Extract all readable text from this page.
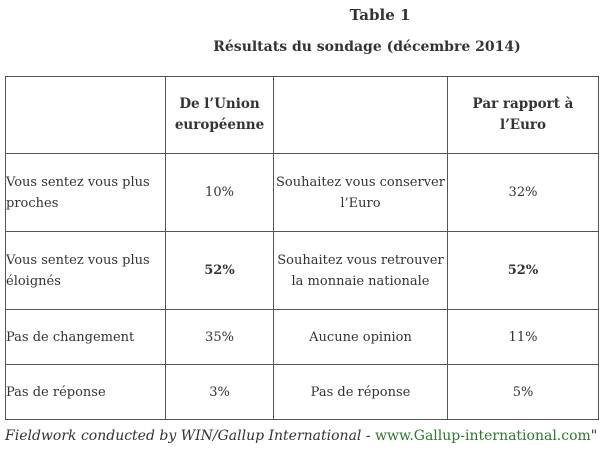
Table 1
Résultats du sondage (décembre 2014)
	De l’Union européenne		Par rapport à l’Euro
Vous sentez vous plus proches	10%	Souhaitez vous conserver l’Euro	32%
Vous sentez vous plus éloignés	52%	Souhaitez vous retrouver la monnaie nationale	52%
Pas de changement	35%	Aucune opinion	11%
Pas de réponse	3%	Pas de réponse	5%
Fieldwork conducted by WIN/Gallup International - www.Gallup-international.com"
